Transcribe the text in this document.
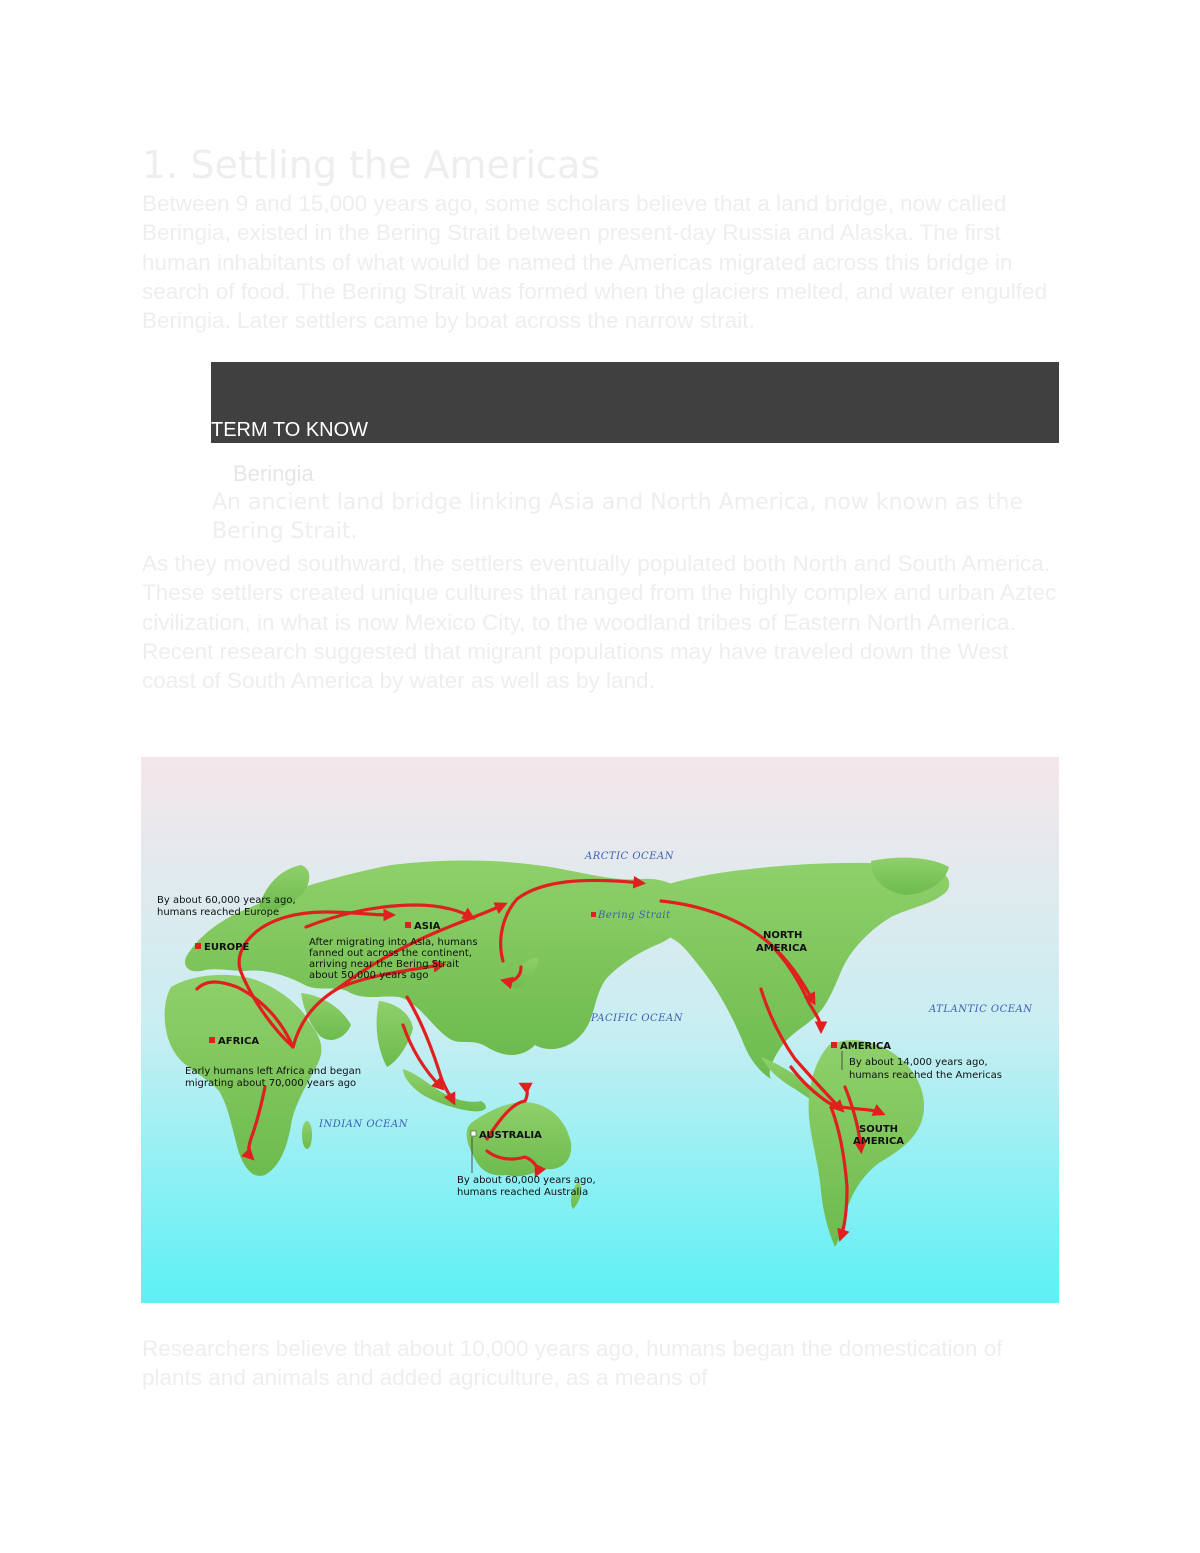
1. Settling the Americas

Between 9 and 15,000 years ago, some scholars believe that a land bridge, now called Beringia, existed in the Bering Strait between present-day Russia and Alaska. The first human inhabitants of what would be named the Americas migrated across this bridge in search of food. The Bering Strait was formed when the glaciers melted, and water engulfed Beringia. Later settlers came by boat across the narrow strait.

TERM TO KNOW
Beringia

An ancient land bridge linking Asia and North America, now known as the Bering Strait.

As they moved southward, the settlers eventually populated both North and South America. These settlers created unique cultures that ranged from the highly complex and urban Aztec civilization, in what is now Mexico City, to the woodland tribes of Eastern North America. Recent research suggested that migrant populations may have traveled down the West coast of South America by water as well as by land.

ARCTIC OCEAN
PACIFIC OCEAN
ATLANTIC OCEAN
INDIAN OCEAN
EUROPE
ASIA
AFRICA
AUSTRALIA
Bering Strait
NORTH
AMERICA
AMERICA
SOUTH
AMERICA
By about 60,000 years ago,
humans reached Europe
After migrating into Asia, humans
fanned out across the continent,
arriving near the Bering Strait
about 50,000 years ago
Early humans left Africa and began
migrating about 70,000 years ago
By about 60,000 years ago,
humans reached Australia
By about 14,000 years ago,
humans reached the Americas

Researchers believe that about 10,000 years ago, humans began the domestication of plants and animals and added agriculture, as a means of
